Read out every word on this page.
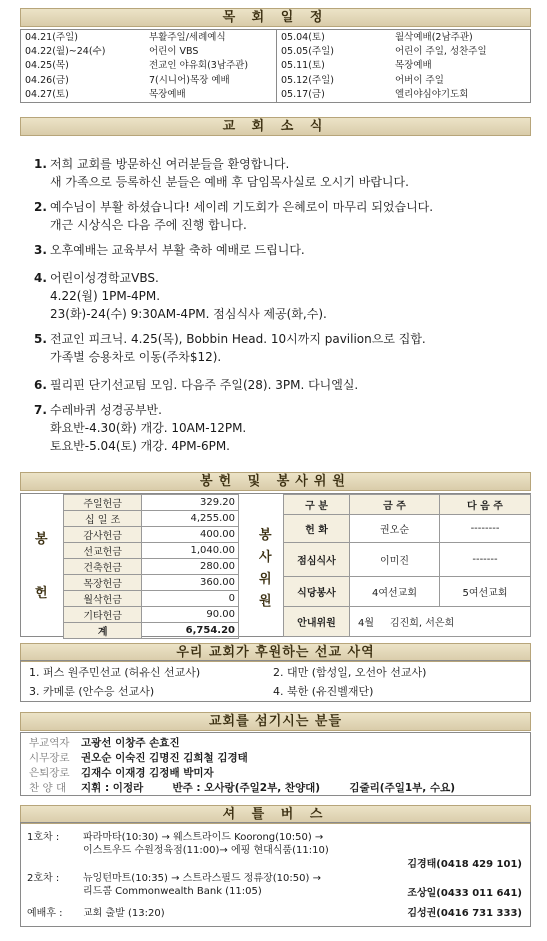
목 회 일 정
04.21(주일)	부활주일/세례예식
04.22(월)~24(수)	어린이 VBS
04.25(목)	전교인 야유회(3남주관)
04.26(금)	7(시니어)목장 예배
04.27(토)	목장예배
05.04(토)	월삭예배(2남주관)
05.05(주일)	어린이 주일, 성찬주일
05.11(토)	목장예배
05.12(주일)	어버이 주일
05.17(금)	엘리야심야기도회
교 회 소 식
1. 저희 교회를 방문하신 여러분들을 환영합니다.
새 가족으로 등록하신 분들은 예배 후 담임목사실로 오시기 바랍니다.
2. 예수님이 부활 하셨습니다! 세이레 기도회가 은혜로이 마무리 되었습니다.
개근 시상식은 다음 주에 진행 합니다.
3. 오후예배는 교육부서 부활 축하 예배로 드립니다.
4. 어린이성경학교VBS.
4.22(월) 1PM-4PM.
23(화)-24(수) 9:30AM-4PM. 점심식사 제공(화,수).
5. 전교인 피크닉. 4.25(목), Bobbin Head. 10시까지 pavilion으로 집합.
가족별 승용차로 이동(주차$12).
6. 필리핀 단기선교팀 모임. 다음주 주일(28). 3PM. 다니엘실.
7. 수레바퀴 성경공부반.
화요반-4.30(화) 개강. 10AM-12PM.
토요반-5.04(토) 개강. 4PM-6PM.
봉헌 및 봉사위원
봉
헌
주일헌금	329.20
십 일 조	4,255.00
감사헌금	400.00
선교헌금	1,040.00
건축헌금	280.00
목장헌금	360.00
월삭헌금	0
기타헌금	90.00
계	6,754.20
봉
사
위
원
구 분	금 주	다 음 주
헌 화	권오순	--------
점심식사	이미진	-------
식당봉사	4여선교회	5여선교회
안내위원	4월 김진희, 서은희	
우리 교회가 후원하는 선교 사역
1. 퍼스 원주민선교 (허유신 선교사)	2. 대만 (함성일, 오선아 선교사)
3. 카메룬 (안수응 선교사)	4. 북한 (유진벨재단)
교회를 섬기시는 분들
부교역자 고광선 이창주 손효진
시무장로 권오순 이숙진 김명진 김희철 김경태
은퇴장로 김재수 이재경 김정배 박미자
찬 양 대 지휘 : 이정라        반주 : 오사랑(주일2부, 찬양대)        김줄리(주일1부, 수요)
셔 틀 버 스
1호차 : 파라마타(10:30) → 웨스트라이드 Koorong(10:50) →
이스트우드 수원정육점(11:00)→ 에핑 현대식품(11:10)
김경태(0418 429 101)
2호차 : 뉴잉턴마트(10:35) → 스트라스필드 정류장(10:50) →
리드콤 Commonwealth Bank (11:05)	조상일(0433 011 641)
예배후 : 교회 출발 (13:20)	김성권(0416 731 333)
